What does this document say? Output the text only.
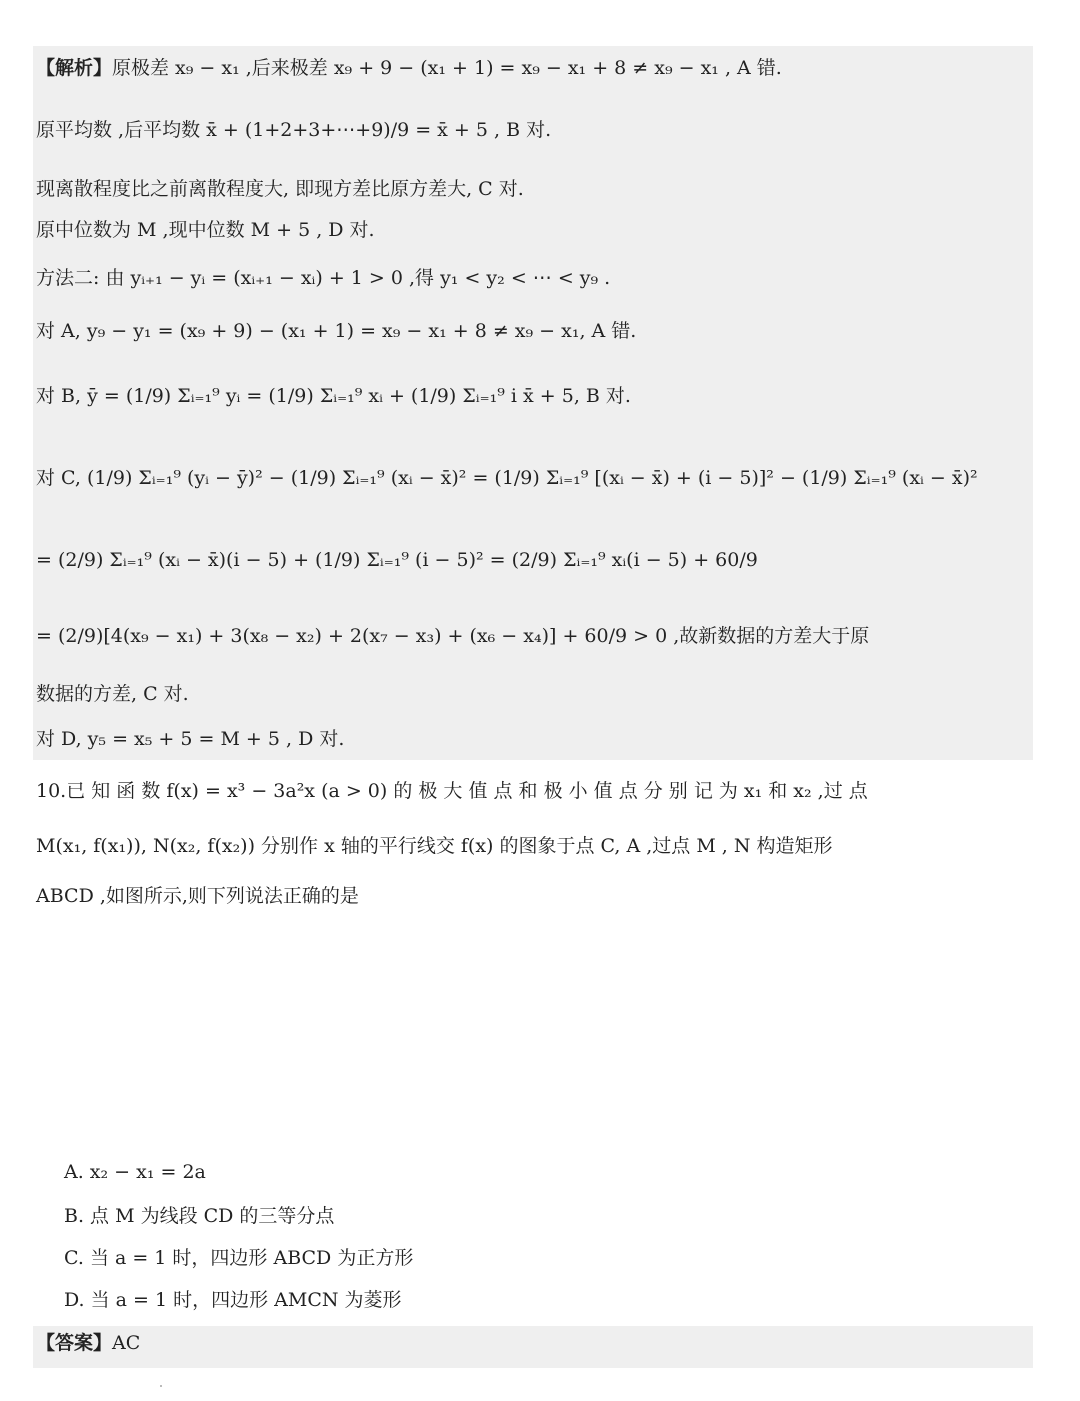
【解析】原极差 x₉ − x₁ ,后来极差 x₉ + 9 − (x₁ + 1) = x₉ − x₁ + 8 ≠ x₉ − x₁ , A 错.
原平均数 ,后平均数 x̄ + (1+2+3+⋯+9)/9 = x̄ + 5 , B 对.
现离散程度比之前离散程度大, 即现方差比原方差大, C 对.
原中位数为 M ,现中位数 M + 5 , D 对.
方法二: 由 yᵢ₊₁ − yᵢ = (xᵢ₊₁ − xᵢ) + 1 > 0 ,得 y₁ < y₂ < ⋯ < y₉ .
对 A, y₉ − y₁ = (x₉ + 9) − (x₁ + 1) = x₉ − x₁ + 8 ≠ x₉ − x₁, A 错.
对 B, ȳ = (1/9) Σᵢ₌₁⁹ yᵢ = (1/9) Σᵢ₌₁⁹ xᵢ + (1/9) Σᵢ₌₁⁹ i x̄ + 5, B 对.
对 C, (1/9) Σᵢ₌₁⁹ (yᵢ − ȳ)² − (1/9) Σᵢ₌₁⁹ (xᵢ − x̄)² = (1/9) Σᵢ₌₁⁹ [(xᵢ − x̄) + (i − 5)]² − (1/9) Σᵢ₌₁⁹ (xᵢ − x̄)²
= (2/9) Σᵢ₌₁⁹ (xᵢ − x̄)(i − 5) + (1/9) Σᵢ₌₁⁹ (i − 5)² = (2/9) Σᵢ₌₁⁹ xᵢ(i − 5) + 60/9
= (2/9)[4(x₉ − x₁) + 3(x₈ − x₂) + 2(x₇ − x₃) + (x₆ − x₄)] + 60/9 > 0 ,故新数据的方差大于原
数据的方差, C 对.
对 D, y₅ = x₅ + 5 = M + 5 , D 对.
10.已 知 函 数 f(x) = x³ − 3a²x (a > 0) 的 极 大 值 点 和 极 小 值 点 分 别 记 为 x₁ 和 x₂ ,过 点
M(x₁, f(x₁)), N(x₂, f(x₂)) 分别作 x 轴的平行线交 f(x) 的图象于点 C, A ,过点 M , N 构造矩形
ABCD ,如图所示,则下列说法正确的是
A. x₂ − x₁ = 2a
B. 点 M 为线段 CD 的三等分点
C. 当 a = 1 时，四边形 ABCD 为正方形
D. 当 a = 1 时，四边形 AMCN 为菱形
【答案】AC
